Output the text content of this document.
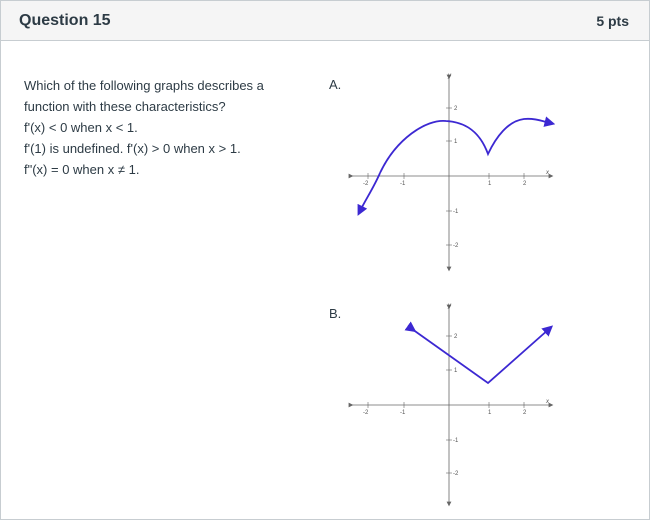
Question 15	5 pts
Which of the following graphs describes a
function with these characteristics?
f'(x) < 0 when x < 1.
f'(1) is undefined. f'(x) > 0 when x > 1.
f"(x) = 0 when x ≠ 1.
A.
B.
-2	-1	1	2
2
1
-1
-2
x
y
-2	-1	1	2
2
1
-1
-2
x
y
